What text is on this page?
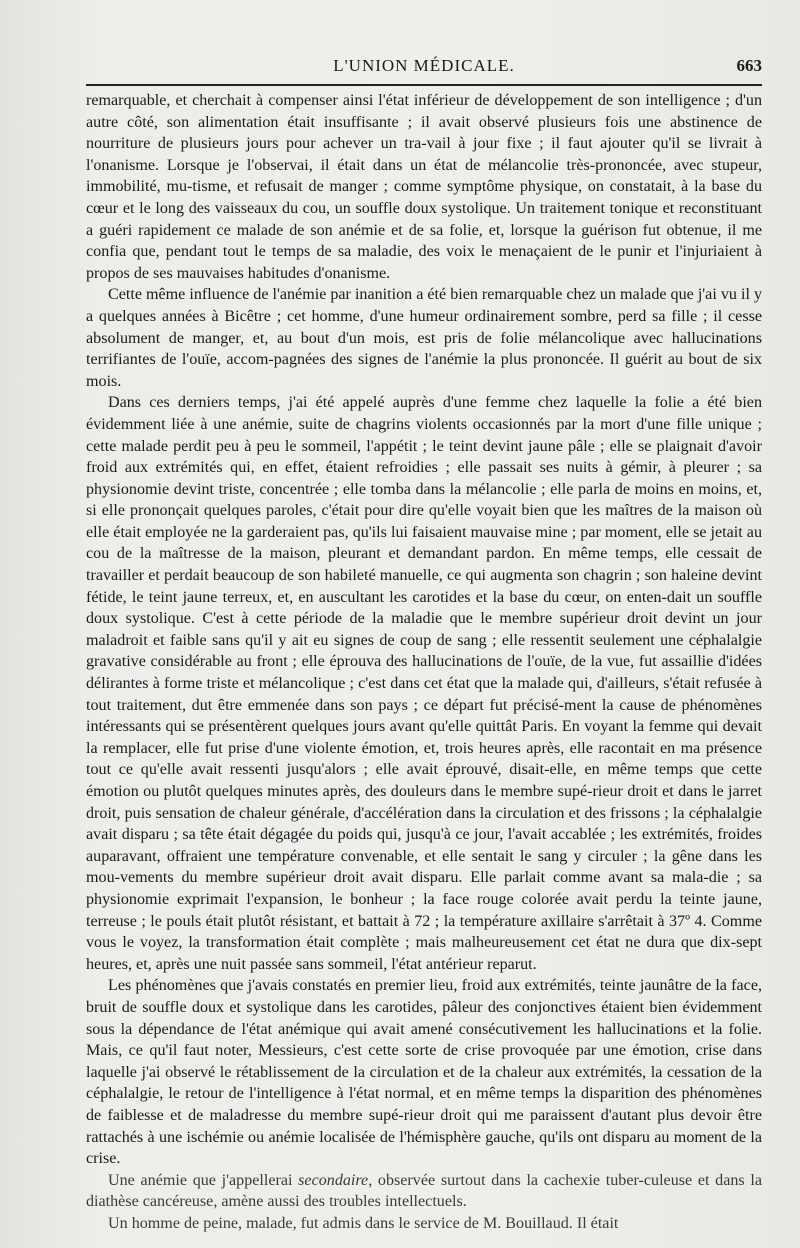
L'UNION MÉDICALE.	663

remarquable, et cherchait à compenser ainsi l'état inférieur de développement de son intelligence ; d'un autre côté, son alimentation était insuffisante ; il avait observé plusieurs fois une abstinence de nourriture de plusieurs jours pour achever un tra-vail à jour fixe ; il faut ajouter qu'il se livrait à l'onanisme. Lorsque je l'observai, il était dans un état de mélancolie très-prononcée, avec stupeur, immobilité, mu-tisme, et refusait de manger ; comme symptôme physique, on constatait, à la base du cœur et le long des vaisseaux du cou, un souffle doux systolique. Un traitement tonique et reconstituant a guéri rapidement ce malade de son anémie et de sa folie, et, lorsque la guérison fut obtenue, il me confia que, pendant tout le temps de sa maladie, des voix le menaçaient de le punir et l'injuriaient à propos de ses mauvaises habitudes d'onanisme.

Cette même influence de l'anémie par inanition a été bien remarquable chez un malade que j'ai vu il y a quelques années à Bicêtre ; cet homme, d'une humeur ordinairement sombre, perd sa fille ; il cesse absolument de manger, et, au bout d'un mois, est pris de folie mélancolique avec hallucinations terrifiantes de l'ouïe, accom-pagnées des signes de l'anémie la plus prononcée. Il guérit au bout de six mois.

Dans ces derniers temps, j'ai été appelé auprès d'une femme chez laquelle la folie a été bien évidemment liée à une anémie, suite de chagrins violents occasionnés par la mort d'une fille unique ; cette malade perdit peu à peu le sommeil, l'appétit ; le teint devint jaune pâle ; elle se plaignait d'avoir froid aux extrémités qui, en effet, étaient refroidies ; elle passait ses nuits à gémir, à pleurer ; sa physionomie devint triste, concentrée ; elle tomba dans la mélancolie ; elle parla de moins en moins, et, si elle prononçait quelques paroles, c'était pour dire qu'elle voyait bien que les maîtres de la maison où elle était employée ne la garderaient pas, qu'ils lui faisaient mauvaise mine ; par moment, elle se jetait au cou de la maîtresse de la maison, pleurant et demandant pardon. En même temps, elle cessait de travailler et perdait beaucoup de son habileté manuelle, ce qui augmenta son chagrin ; son haleine devint fétide, le teint jaune terreux, et, en auscultant les carotides et la base du cœur, on enten-dait un souffle doux systolique. C'est à cette période de la maladie que le membre supérieur droit devint un jour maladroit et faible sans qu'il y ait eu signes de coup de sang ; elle ressentit seulement une céphalalgie gravative considérable au front ; elle éprouva des hallucinations de l'ouïe, de la vue, fut assaillie d'idées délirantes à forme triste et mélancolique ; c'est dans cet état que la malade qui, d'ailleurs, s'était refusée à tout traitement, dut être emmenée dans son pays ; ce départ fut précisé-ment la cause de phénomènes intéressants qui se présentèrent quelques jours avant qu'elle quittât Paris. En voyant la femme qui devait la remplacer, elle fut prise d'une violente émotion, et, trois heures après, elle racontait en ma présence tout ce qu'elle avait ressenti jusqu'alors ; elle avait éprouvé, disait-elle, en même temps que cette émotion ou plutôt quelques minutes après, des douleurs dans le membre supé-rieur droit et dans le jarret droit, puis sensation de chaleur générale, d'accélération dans la circulation et des frissons ; la céphalalgie avait disparu ; sa tête était dégagée du poids qui, jusqu'à ce jour, l'avait accablée ; les extrémités, froides auparavant, offraient une température convenable, et elle sentait le sang y circuler ; la gêne dans les mou-vements du membre supérieur droit avait disparu. Elle parlait comme avant sa mala-die ; sa physionomie exprimait l'expansion, le bonheur ; la face rouge colorée avait perdu la teinte jaune, terreuse ; le pouls était plutôt résistant, et battait à 72 ; la température axillaire s'arrêtait à 37º 4. Comme vous le voyez, la transformation était complète ; mais malheureusement cet état ne dura que dix-sept heures, et, après une nuit passée sans sommeil, l'état antérieur reparut.

Les phénomènes que j'avais constatés en premier lieu, froid aux extrémités, teinte jaunâtre de la face, bruit de souffle doux et systolique dans les carotides, pâleur des conjonctives étaient bien évidemment sous la dépendance de l'état anémique qui avait amené consécutivement les hallucinations et la folie. Mais, ce qu'il faut noter, Messieurs, c'est cette sorte de crise provoquée par une émotion, crise dans laquelle j'ai observé le rétablissement de la circulation et de la chaleur aux extrémités, la cessation de la céphalalgie, le retour de l'intelligence à l'état normal, et en même temps la disparition des phénomènes de faiblesse et de maladresse du membre supé-rieur droit qui me paraissent d'autant plus devoir être rattachés à une ischémie ou anémie localisée de l'hémisphère gauche, qu'ils ont disparu au moment de la crise.

Une anémie que j'appellerai secondaire, observée surtout dans la cachexie tuber-culeuse et dans la diathèse cancéreuse, amène aussi des troubles intellectuels.

Un homme de peine, malade, fut admis dans le service de M. Bouillaud. Il était
